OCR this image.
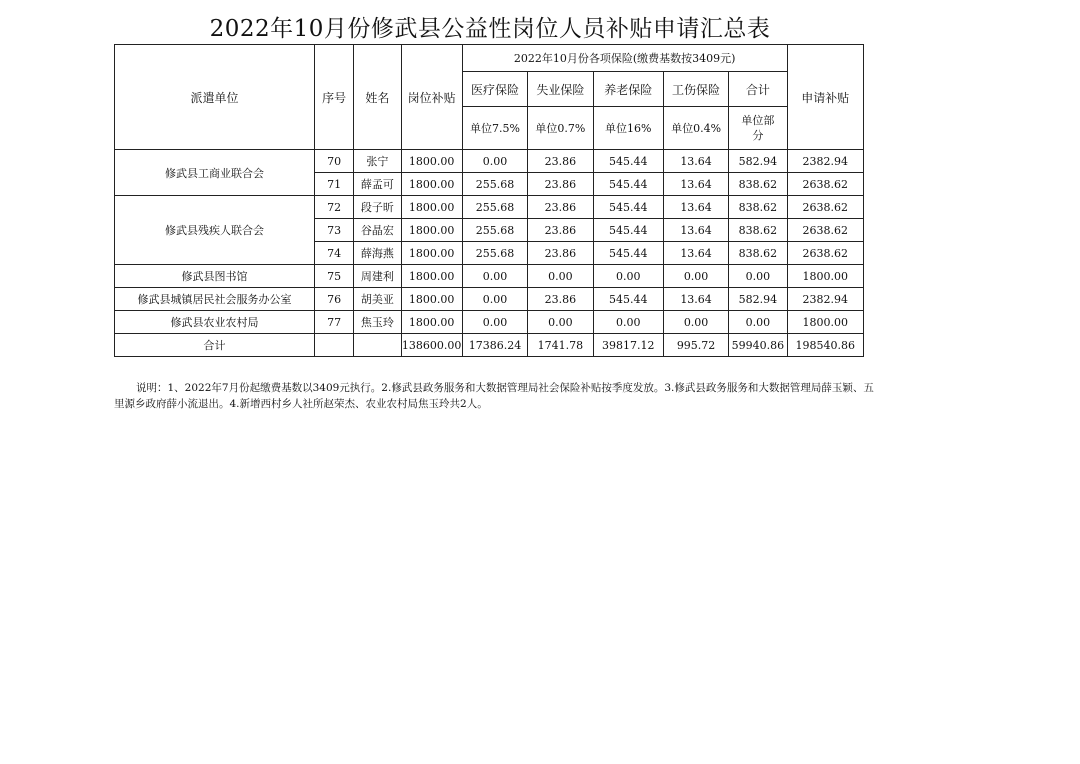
2022年10月份修武县公益性岗位人员补贴申请汇总表
派遣单位	序号	姓名	岗位补贴	2022年10月份各项保险(缴费基数按3409元)					申请补贴
				医疗保险	失业保险	养老保险	工伤保险	合计	
				单位7.5%	单位0.7%	单位16%	单位0.4%	单位部分	
修武县工商业联合会	70	张宁	1800.00	0.00	23.86	545.44	13.64	582.94	2382.94
	71	薛孟可	1800.00	255.68	23.86	545.44	13.64	838.62	2638.62
修武县残疾人联合会	72	段子昕	1800.00	255.68	23.86	545.44	13.64	838.62	2638.62
	73	谷晶宏	1800.00	255.68	23.86	545.44	13.64	838.62	2638.62
	74	薛海燕	1800.00	255.68	23.86	545.44	13.64	838.62	2638.62
修武县图书馆	75	周建利	1800.00	0.00	0.00	0.00	0.00	0.00	1800.00
修武县城镇居民社会服务办公室	76	胡美亚	1800.00	0.00	23.86	545.44	13.64	582.94	2382.94
修武县农业农村局	77	焦玉玲	1800.00	0.00	0.00	0.00	0.00	0.00	1800.00
合计			138600.00	17386.24	1741.78	39817.12	995.72	59940.86	198540.86
说明：1、2022年7月份起缴费基数以3409元执行。2.修武县政务服务和大数据管理局社会保险补贴按季度发放。3.修武县政务服务和大数据管理局薛玉颖、五里源乡政府薛小流退出。4.新增西村乡人社所赵荣杰、农业农村局焦玉玲共2人。
